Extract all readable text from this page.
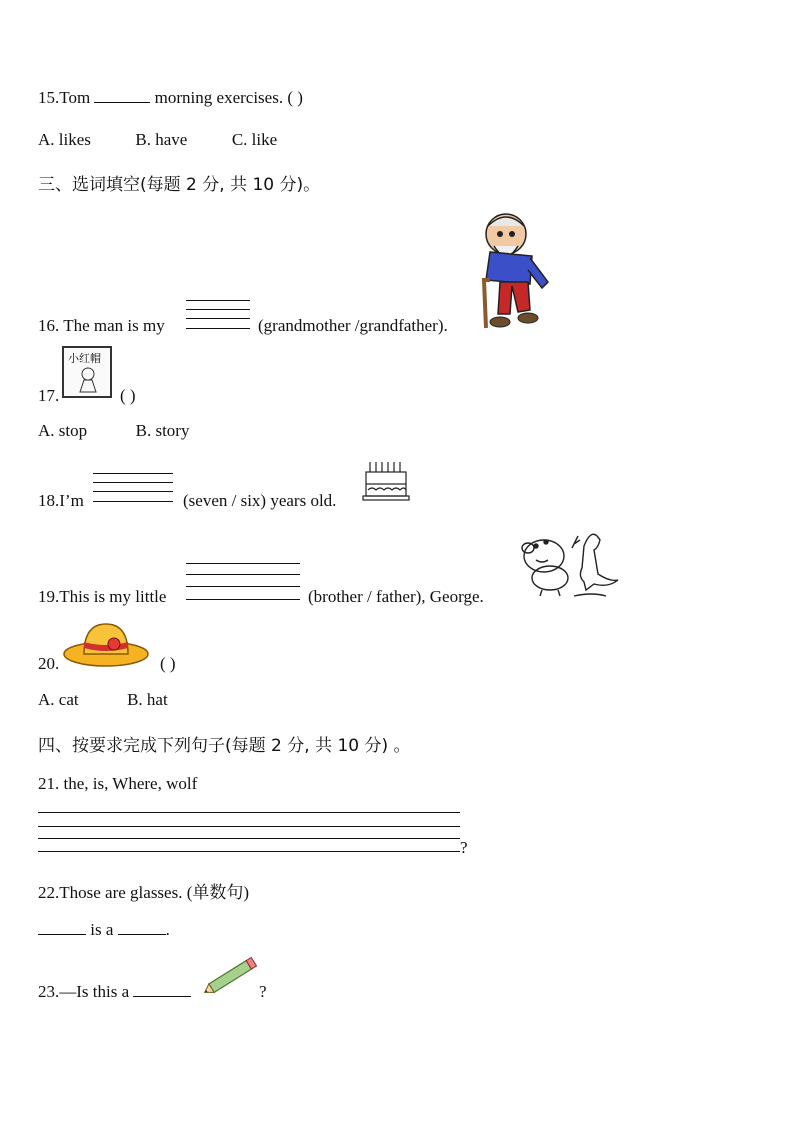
15.Tom	morning exercises. ( )
A. likes	B. have	C. like
三、选词填空(每题 2 分, 共 10 分)。
16. The man is my	(grandmother /grandfather).
17.
小红帽
( )
A. stop	B. story
18.I’m	(seven / six) years old.
19.This is my little	(brother / father), George.
20.	( )
A. cat	B. hat
四、按要求完成下列句子(每题 2 分, 共 10 分) 。
21. the, is, Where, wolf
?
22.Those are glasses. (单数句)
is a	.
23.—Is this a	?
